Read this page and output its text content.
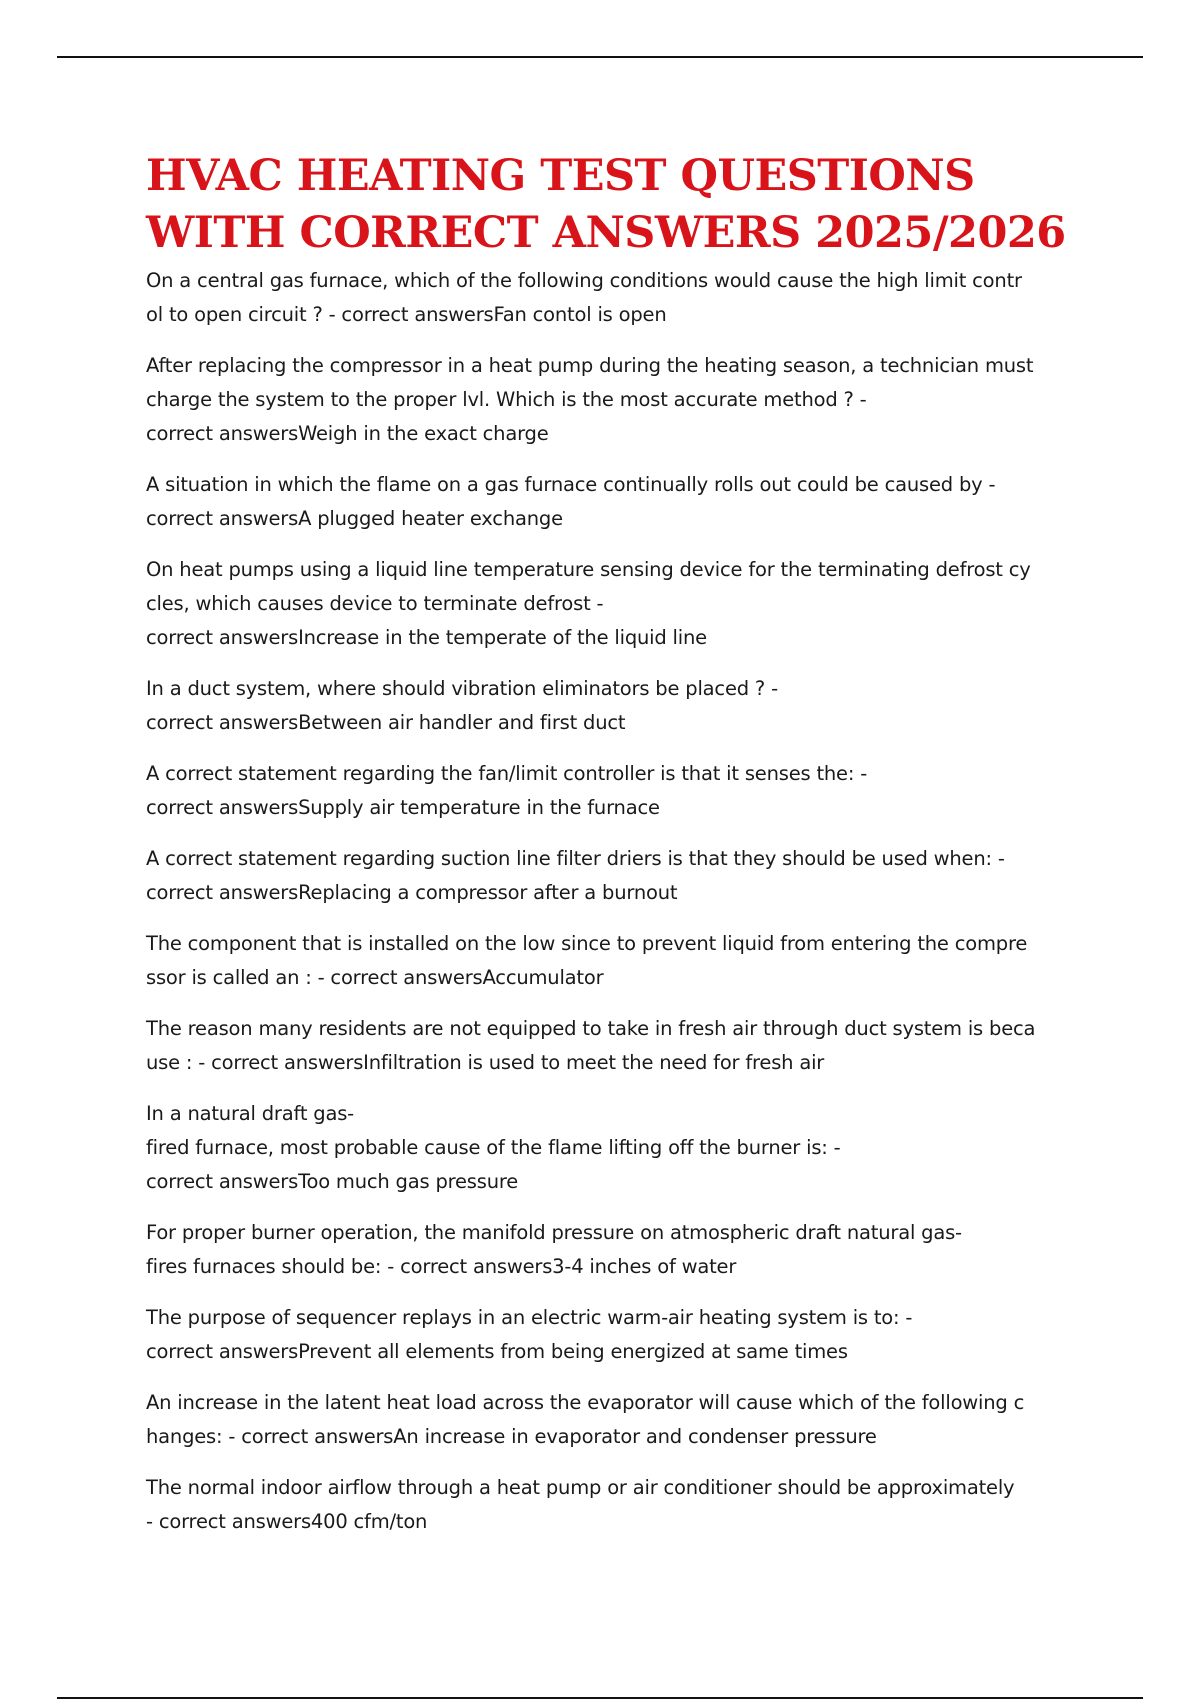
HVAC HEATING TEST QUESTIONS
WITH CORRECT ANSWERS 2025/2026

On a central gas furnace, which of the following conditions would cause the high limit contr
ol to open circuit ? - correct answersFan contol is open

After replacing the compressor in a heat pump during the heating season, a technician must
charge the system to the proper lvl. Which is the most accurate method ? -
correct answersWeigh in the exact charge

A situation in which the flame on a gas furnace continually rolls out could be caused by -
correct answersA plugged heater exchange

On heat pumps using a liquid line temperature sensing device for the terminating defrost cy
cles, which causes device to terminate defrost -
correct answersIncrease in the temperate of the liquid line

In a duct system, where should vibration eliminators be placed ? -
correct answersBetween air handler and first duct

A correct statement regarding the fan/limit controller is that it senses the: -
correct answersSupply air temperature in the furnace

A correct statement regarding suction line filter driers is that they should be used when: -
correct answersReplacing a compressor after a burnout

The component that is installed on the low since to prevent liquid from entering the compre
ssor is called an : - correct answersAccumulator

The reason many residents are not equipped to take in fresh air through duct system is beca
use : - correct answersInfiltration is used to meet the need for fresh air

In a natural draft gas-
fired furnace, most probable cause of the flame lifting off the burner is: -
correct answersToo much gas pressure

For proper burner operation, the manifold pressure on atmospheric draft natural gas-
fires furnaces should be: - correct answers3-4 inches of water

The purpose of sequencer replays in an electric warm-air heating system is to: -
correct answersPrevent all elements from being energized at same times

An increase in the latent heat load across the evaporator will cause which of the following c
hanges: - correct answersAn increase in evaporator and condenser pressure

The normal indoor airflow through a heat pump or air conditioner should be approximately
- correct answers400 cfm/ton
